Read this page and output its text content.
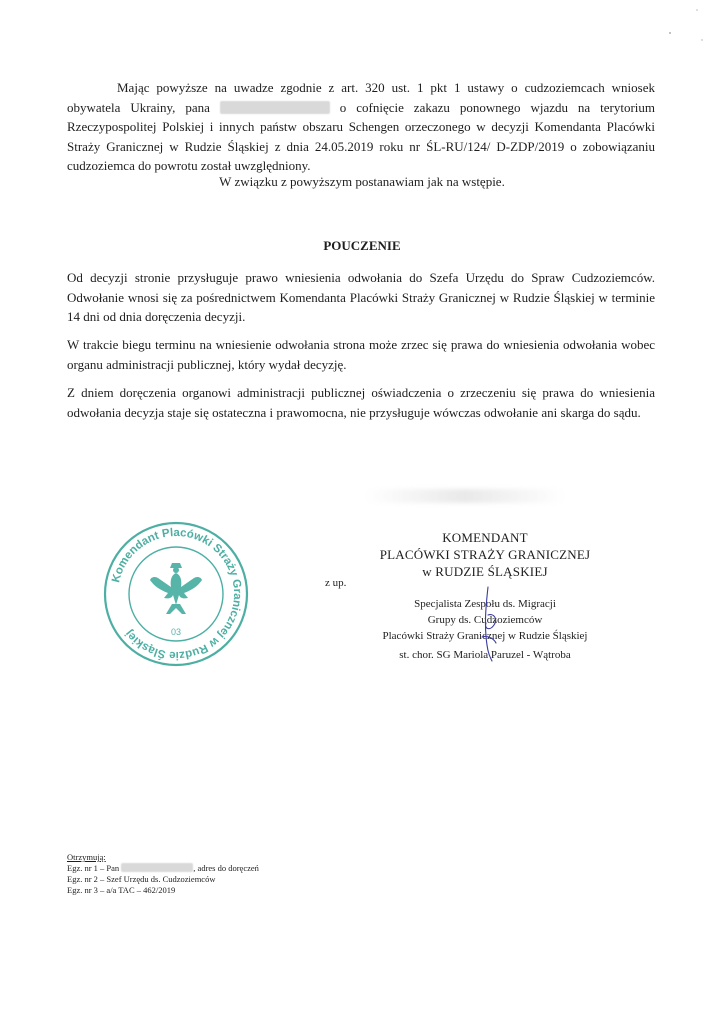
Mając powyższe na uwadze zgodnie z art. 320 ust. 1 pkt 1 ustawy o cudzoziemcach wniosek obywatela Ukrainy, pana	o cofnięcie zakazu ponownego wjazdu na terytorium Rzeczypospolitej Polskiej i innych państw obszaru Schengen orzeczonego w decyzji Komendanta Placówki Straży Granicznej w Rudzie Śląskiej z dnia 24.05.2019 roku nr ŚL-RU/124/ D-ZDP/2019 o zobowiązaniu cudzoziemca do powrotu został uwzględniony.

W związku z powyższym postanawiam jak na wstępie.

POUCZENIE

Od decyzji stronie przysługuje prawo wniesienia odwołania do Szefa Urzędu do Spraw Cudzoziemców. Odwołanie wnosi się za pośrednictwem Komendanta Placówki Straży Granicznej w Rudzie Śląskiej w terminie 14 dni od dnia doręczenia decyzji.

W trakcie biegu terminu na wniesienie odwołania strona może zrzec się prawa do wniesienia odwołania wobec organu administracji publicznej, który wydał decyzję.

Z dniem doręczenia organowi administracji publicznej oświadczenia o zrzeczeniu się prawa do wniesienia odwołania decyzja staje się ostateczna i prawomocna, nie przysługuje wówczas odwołanie ani skarga do sądu.

Komendant Placówki Straży Granicznej w Rudzie Śląskiej	03
KOMENDANT
PLACÓWKI STRAŻY GRANICZNEJ
w RUDZIE ŚLĄSKIEJ
z up.
Specjalista Zespołu ds. Migracji
Grupy ds. Cudzoziemców
Placówki Straży Granicznej w Rudzie Śląskiej
st. chor. SG Mariola Paruzel - Wątroba
Otrzymują:
Egz. nr 1 – Pan	, adres do doręczeń
Egz. nr 2 – Szef Urzędu ds. Cudzoziemców
Egz. nr 3 – a/a TAC – 462/2019
